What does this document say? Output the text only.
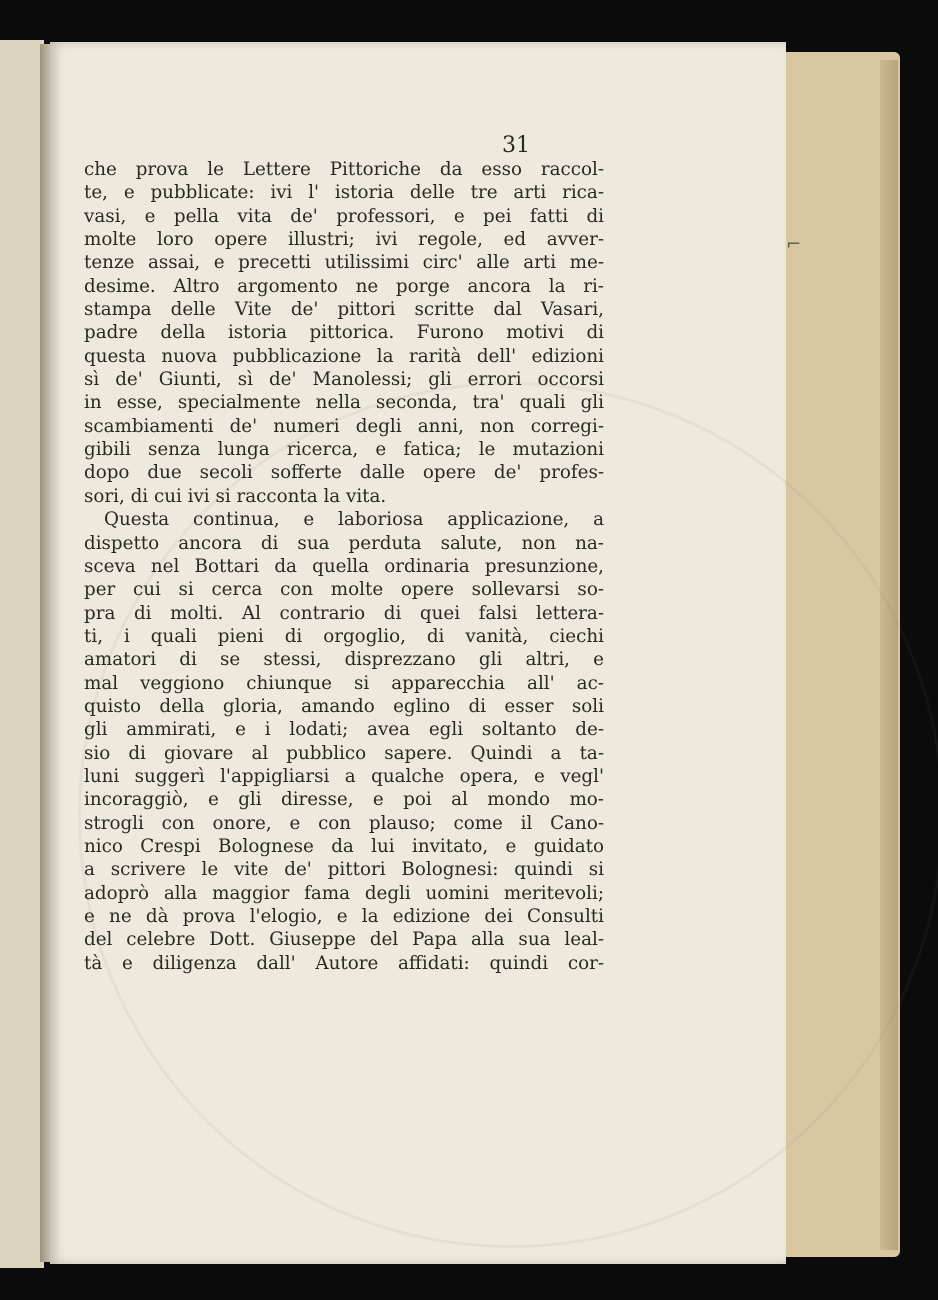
31
⌐
che prova le Lettere Pittoriche da esso raccol-
te, e pubblicate: ivi l' istoria delle tre arti rica-
vasi, e pella vita de' professori, e pei fatti di
molte loro opere illustri; ivi regole, ed avver-
tenze assai, e precetti utilissimi circ' alle arti me-
desime. Altro argomento ne porge ancora la ri-
stampa delle Vite de' pittori scritte dal Vasari,
padre della istoria pittorica. Furono motivi di
questa nuova pubblicazione la rarità dell' edizioni
sì de' Giunti, sì de' Manolessi; gli errori occorsi
in esse, specialmente nella seconda, tra' quali gli
scambiamenti de' numeri degli anni, non corregi-
gibili senza lunga ricerca, e fatica; le mutazioni
dopo due secoli sofferte dalle opere de' profes-
sori, di cui ivi si racconta la vita.
Questa continua, e laboriosa applicazione, a
dispetto ancora di sua perduta salute, non na-
sceva nel Bottari da quella ordinaria presunzione,
per cui si cerca con molte opere sollevarsi so-
pra di molti. Al contrario di quei falsi lettera-
ti, i quali pieni di orgoglio, di vanità, ciechi
amatori di se stessi, disprezzano gli altri, e
mal veggiono chiunque si apparecchia all' ac-
quisto della gloria, amando eglino di esser soli
gli ammirati, e i lodati; avea egli soltanto de-
sio di giovare al pubblico sapere. Quindi a ta-
luni suggerì l'appigliarsi a qualche opera, e vegl'
incoraggiò, e gli diresse, e poi al mondo mo-
strogli con onore, e con plauso; come il Cano-
nico Crespi Bolognese da lui invitato, e guidato
a scrivere le vite de' pittori Bolognesi: quindi si
adoprò alla maggior fama degli uomini meritevoli;
e ne dà prova l'elogio, e la edizione dei Consulti
del celebre Dott. Giuseppe del Papa alla sua leal-
tà e diligenza dall' Autore affidati: quindi cor-
